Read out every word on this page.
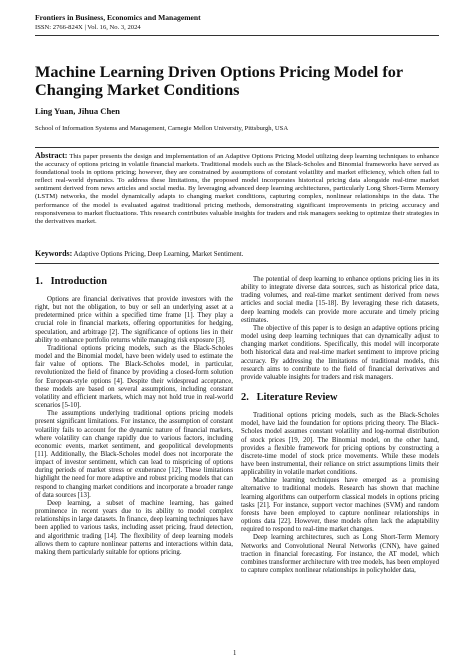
Frontiers in Business, Economics and Management
ISSN: 2766-824X | Vol. 16, No. 3, 2024
Machine Learning Driven Options Pricing Model for Changing Market Conditions
Ling Yuan, Jihua Chen
School of Information Systems and Management, Carnegie Mellon University, Pittsburgh, USA
Abstract: This paper presents the design and implementation of an Adaptive Options Pricing Model utilizing deep learning techniques to enhance the accuracy of options pricing in volatile financial markets. Traditional models such as the Black-Scholes and Binomial frameworks have served as foundational tools in options pricing; however, they are constrained by assumptions of constant volatility and market efficiency, which often fail to reflect real-world dynamics. To address these limitations, the proposed model incorporates historical pricing data alongside real-time market sentiment derived from news articles and social media. By leveraging advanced deep learning architectures, particularly Long Short-Term Memory (LSTM) networks, the model dynamically adapts to changing market conditions, capturing complex, nonlinear relationships in the data. The performance of the model is evaluated against traditional pricing methods, demonstrating significant improvements in pricing accuracy and responsiveness to market fluctuations. This research contributes valuable insights for traders and risk managers seeking to optimize their strategies in the derivatives market.
Keywords: Adaptive Options Pricing, Deep Learning, Market Sentiment.
1.   Introduction

Options are financial derivatives that provide investors with the right, but not the obligation, to buy or sell an underlying asset at a predetermined price within a specified time frame [1]. They play a crucial role in financial markets, offering opportunities for hedging, speculation, and arbitrage [2]. The significance of options lies in their ability to enhance portfolio returns while managing risk exposure [3].

Traditional options pricing models, such as the Black-Scholes model and the Binomial model, have been widely used to estimate the fair value of options. The Black-Scholes model, in particular, revolutionized the field of finance by providing a closed-form solution for European-style options [4]. Despite their widespread acceptance, these models are based on several assumptions, including constant volatility and efficient markets, which may not hold true in real-world scenarios [5-10].

The assumptions underlying traditional options pricing models present significant limitations. For instance, the assumption of constant volatility fails to account for the dynamic nature of financial markets, where volatility can change rapidly due to various factors, including economic events, market sentiment, and geopolitical developments [11]. Additionally, the Black-Scholes model does not incorporate the impact of investor sentiment, which can lead to mispricing of options during periods of market stress or exuberance [12]. These limitations highlight the need for more adaptive and robust pricing models that can respond to changing market conditions and incorporate a broader range of data sources [13].

Deep learning, a subset of machine learning, has gained prominence in recent years due to its ability to model complex relationships in large datasets. In finance, deep learning techniques have been applied to various tasks, including asset pricing, fraud detection, and algorithmic trading [14]. The flexibility of deep learning models allows them to capture nonlinear patterns and interactions within data, making them particularly suitable for options pricing.

The potential of deep learning to enhance options pricing lies in its ability to integrate diverse data sources, such as historical price data, trading volumes, and real-time market sentiment derived from news articles and social media [15-18]. By leveraging these rich datasets, deep learning models can provide more accurate and timely pricing estimates.

The objective of this paper is to design an adaptive options pricing model using deep learning techniques that can dynamically adjust to changing market conditions. Specifically, this model will incorporate both historical data and real-time market sentiment to improve pricing accuracy. By addressing the limitations of traditional models, this research aims to contribute to the field of financial derivatives and provide valuable insights for traders and risk managers.

2.   Literature Review

Traditional options pricing models, such as the Black-Scholes model, have laid the foundation for options pricing theory. The Black-Scholes model assumes constant volatility and log-normal distribution of stock prices [19, 20]. The Binomial model, on the other hand, provides a flexible framework for pricing options by constructing a discrete-time model of stock price movements. While these models have been instrumental, their reliance on strict assumptions limits their applicability in volatile market conditions.

Machine learning techniques have emerged as a promising alternative to traditional models. Research has shown that machine learning algorithms can outperform classical models in options pricing tasks [21]. For instance, support vector machines (SVM) and random forests have been employed to capture nonlinear relationships in options data [22]. However, these models often lack the adaptability required to respond to real-time market changes.

Deep learning architectures, such as Long Short-Term Memory Networks and Convolutional Neural Networks (CNN), have gained traction in financial forecasting. For instance, the AT model, which combines transformer architecture with tree models, has been employed to capture complex nonlinear relationships in policyholder data,

1
